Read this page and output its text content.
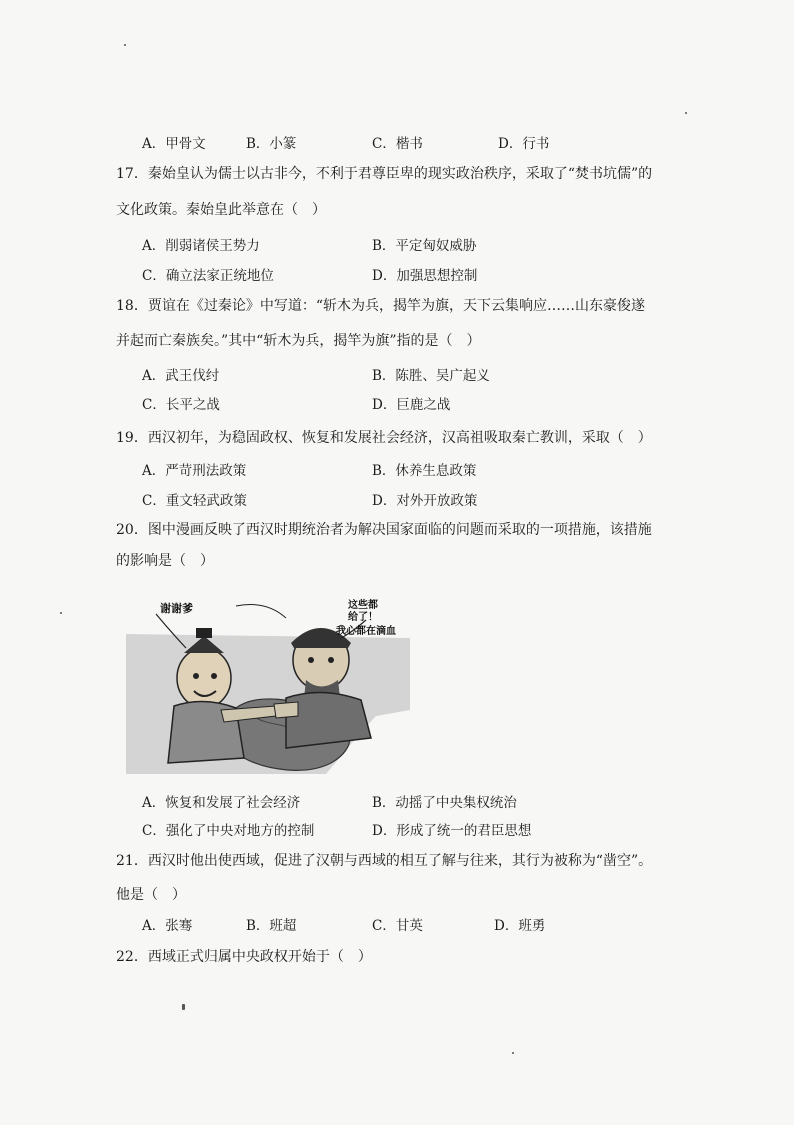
A．甲骨文	B．小篆	C．楷书	D．行书
17．秦始皇认为儒士以古非今，不利于君尊臣卑的现实政治秩序，采取了“焚书坑儒”的
文化政策。秦始皇此举意在（　）
A．削弱诸侯王势力	B．平定匈奴威胁
C．确立法家正统地位	D．加强思想控制
18．贾谊在《过秦论》中写道：“斩木为兵，揭竿为旗，天下云集响应……山东豪俊遂
并起而亡秦族矣。”其中“斩木为兵，揭竿为旗”指的是（　）
A．武王伐纣	B．陈胜、吴广起义
C．长平之战	D．巨鹿之战
19．西汉初年，为稳固政权、恢复和发展社会经济，汉高祖吸取秦亡教训，采取（　）
A．严苛刑法政策	B．休养生息政策
C．重文轻武政策	D．对外开放政策
20．图中漫画反映了西汉时期统治者为解决国家面临的问题而采取的一项措施，该措施
的影响是（　）
谢谢爹	这些都
给了！
我心都在滴血
A．恢复和发展了社会经济	B．动摇了中央集权统治
C．强化了中央对地方的控制	D．形成了统一的君臣思想
21．西汉时他出使西域，促进了汉朝与西域的相互了解与往来，其行为被称为“凿空”。
他是（　）
A．张骞	B．班超	C．甘英	D．班勇
22．西域正式归属中央政权开始于（　）
